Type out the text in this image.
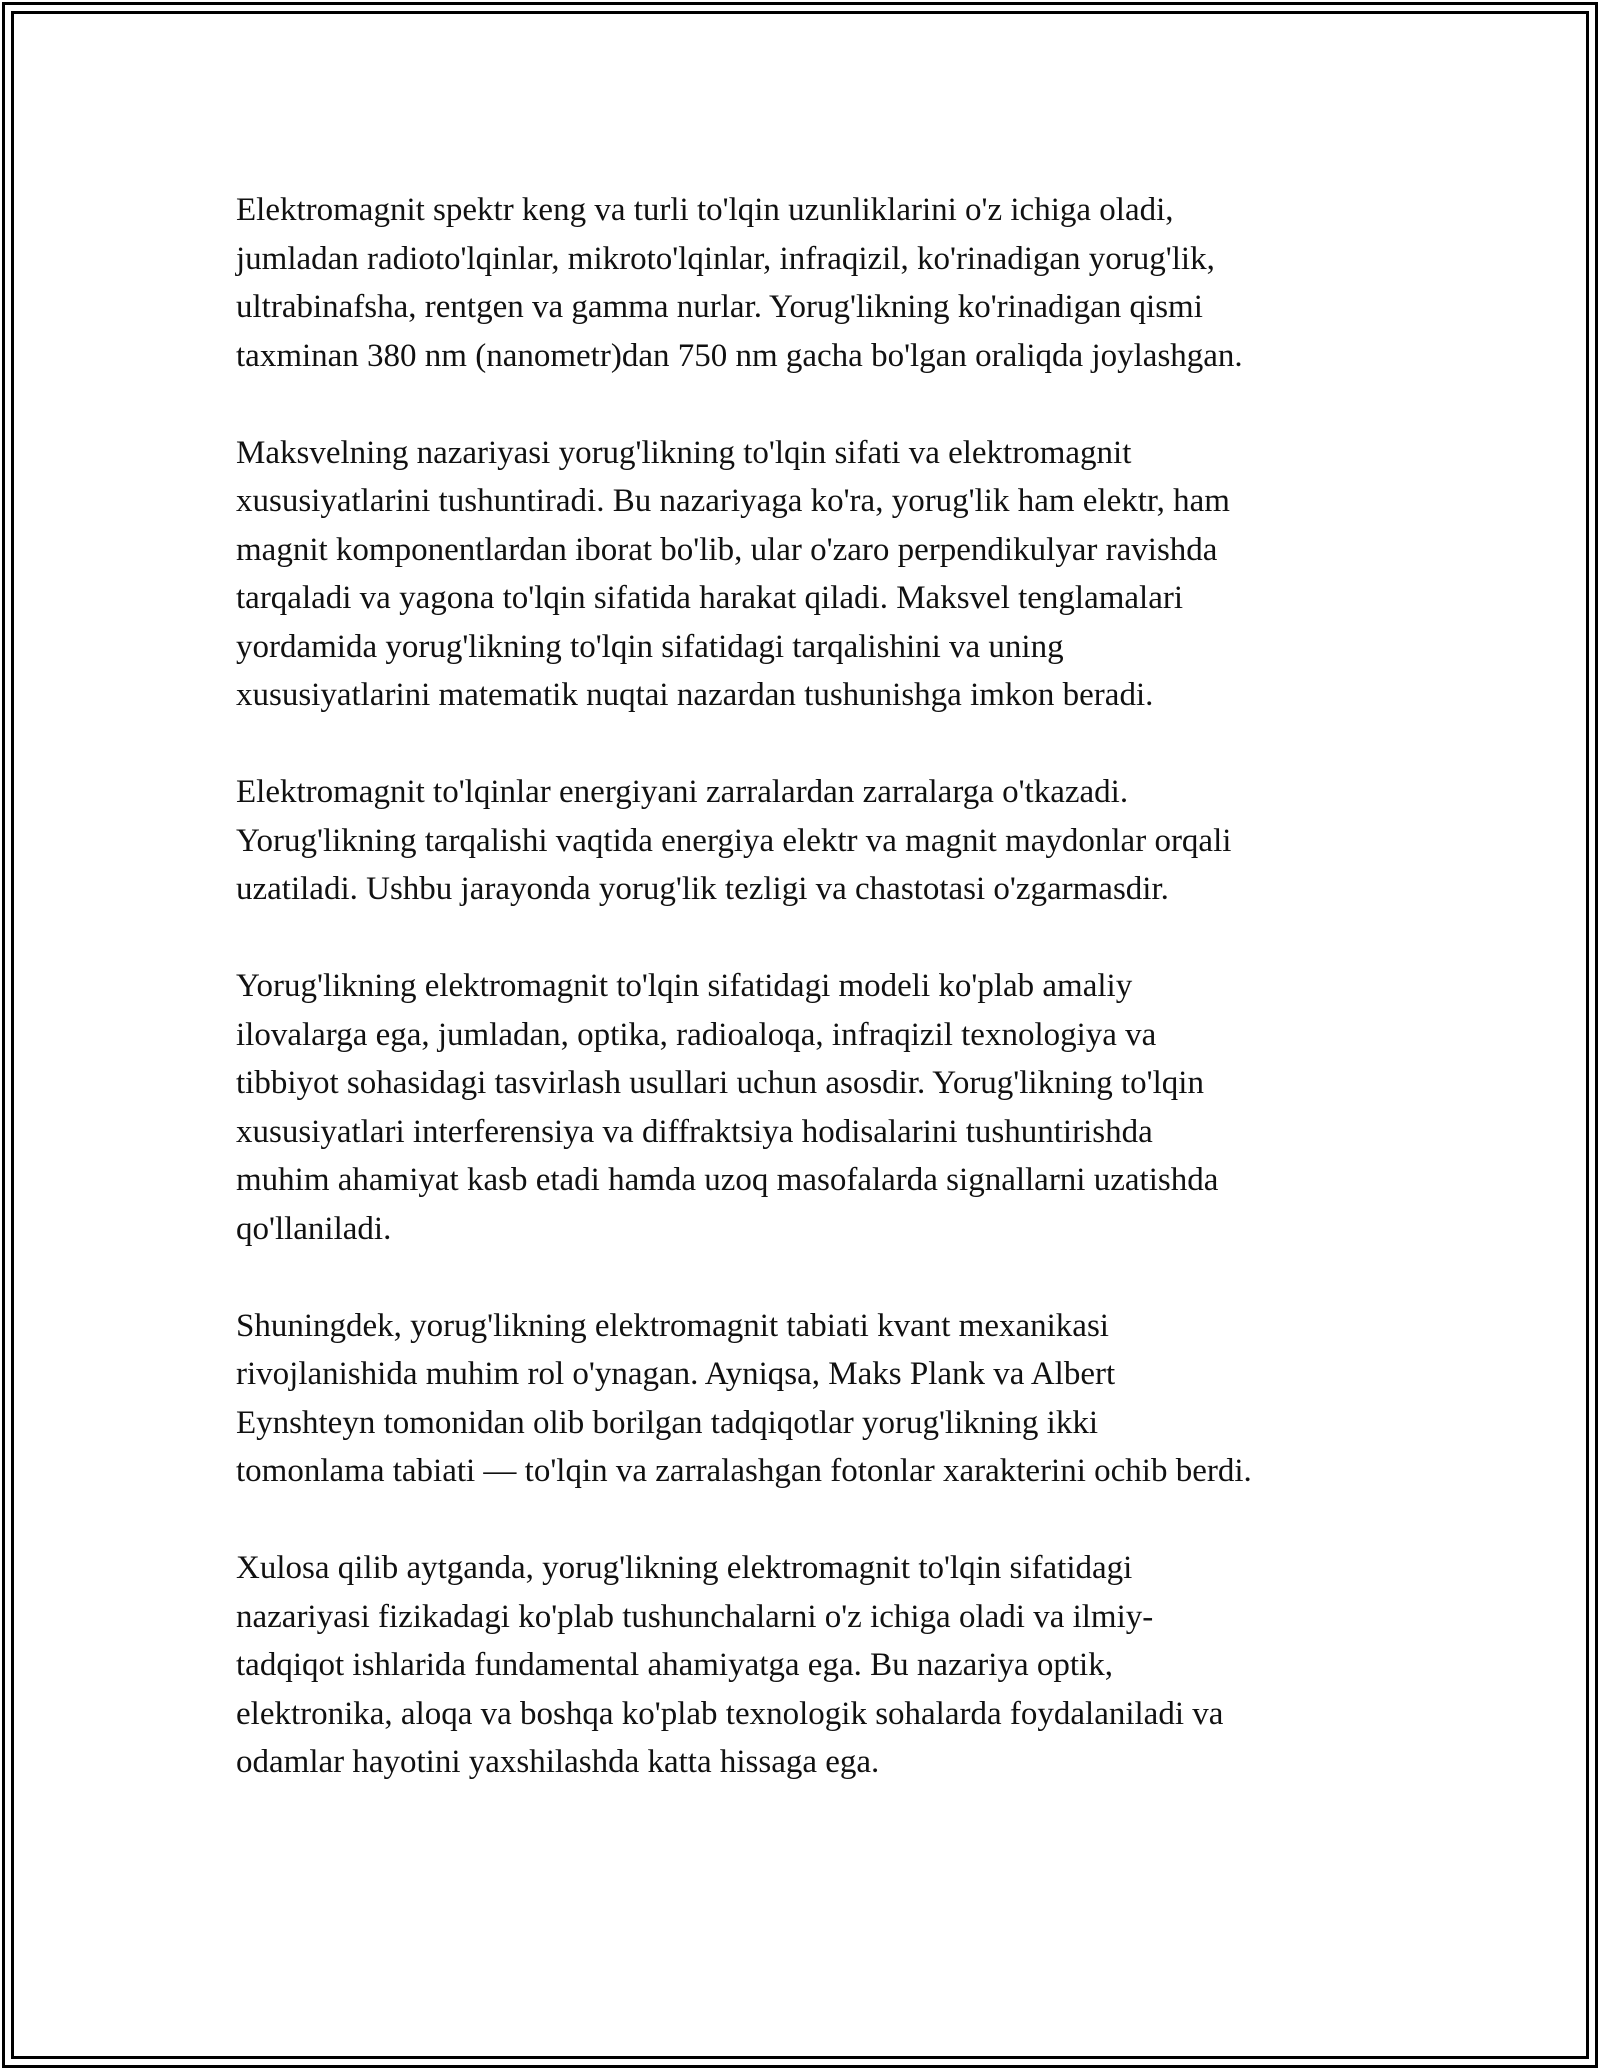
Elektromagnit spektr keng va turli to'lqin uzunliklarini o'z ichiga oladi,
jumladan radioto'lqinlar, mikroto'lqinlar, infraqizil, ko'rinadigan yorug'lik,
ultrabinafsha, rentgen va gamma nurlar. Yorug'likning ko'rinadigan qismi
taxminan 380 nm (nanometr)dan 750 nm gacha bo'lgan oraliqda joylashgan.

Maksvelning nazariyasi yorug'likning to'lqin sifati va elektromagnit
xususiyatlarini tushuntiradi. Bu nazariyaga ko'ra, yorug'lik ham elektr, ham
magnit komponentlardan iborat bo'lib, ular o'zaro perpendikulyar ravishda
tarqaladi va yagona to'lqin sifatida harakat qiladi. Maksvel tenglamalari
yordamida yorug'likning to'lqin sifatidagi tarqalishini va uning
xususiyatlarini matematik nuqtai nazardan tushunishga imkon beradi.

Elektromagnit to'lqinlar energiyani zarralardan zarralarga o'tkazadi.
Yorug'likning tarqalishi vaqtida energiya elektr va magnit maydonlar orqali
uzatiladi. Ushbu jarayonda yorug'lik tezligi va chastotasi o'zgarmasdir.

Yorug'likning elektromagnit to'lqin sifatidagi modeli ko'plab amaliy
ilovalarga ega, jumladan, optika, radioaloqa, infraqizil texnologiya va
tibbiyot sohasidagi tasvirlash usullari uchun asosdir. Yorug'likning to'lqin
xususiyatlari interferensiya va diffraktsiya hodisalarini tushuntirishda
muhim ahamiyat kasb etadi hamda uzoq masofalarda signallarni uzatishda
qo'llaniladi.

Shuningdek, yorug'likning elektromagnit tabiati kvant mexanikasi
rivojlanishida muhim rol o'ynagan. Ayniqsa, Maks Plank va Albert
Eynshteyn tomonidan olib borilgan tadqiqotlar yorug'likning ikki
tomonlama tabiati — to'lqin va zarralashgan fotonlar xarakterini ochib berdi.

Xulosa qilib aytganda, yorug'likning elektromagnit to'lqin sifatidagi
nazariyasi fizikadagi ko'plab tushunchalarni o'z ichiga oladi va ilmiy-
tadqiqot ishlarida fundamental ahamiyatga ega. Bu nazariya optik,
elektronika, aloqa va boshqa ko'plab texnologik sohalarda foydalaniladi va
odamlar hayotini yaxshilashda katta hissaga ega.
